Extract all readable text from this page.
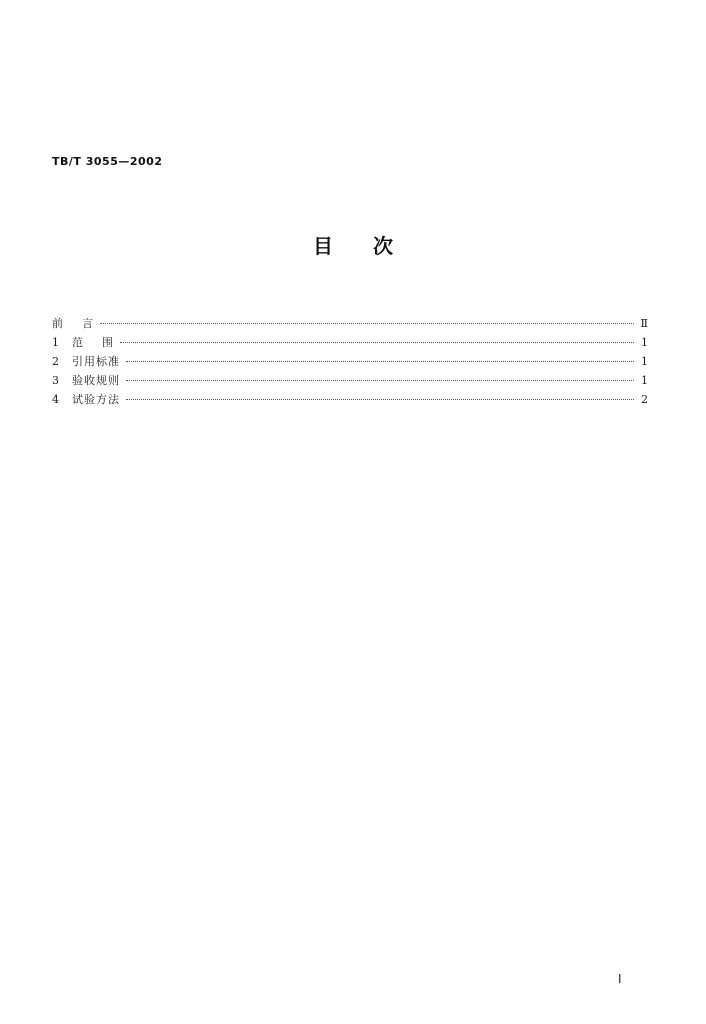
TB/T 3055—2002
目 次
前    言	Ⅱ
1	范    围	1
2	引用标准	1
3	验收规则	1
4	试验方法	2
Ⅰ
